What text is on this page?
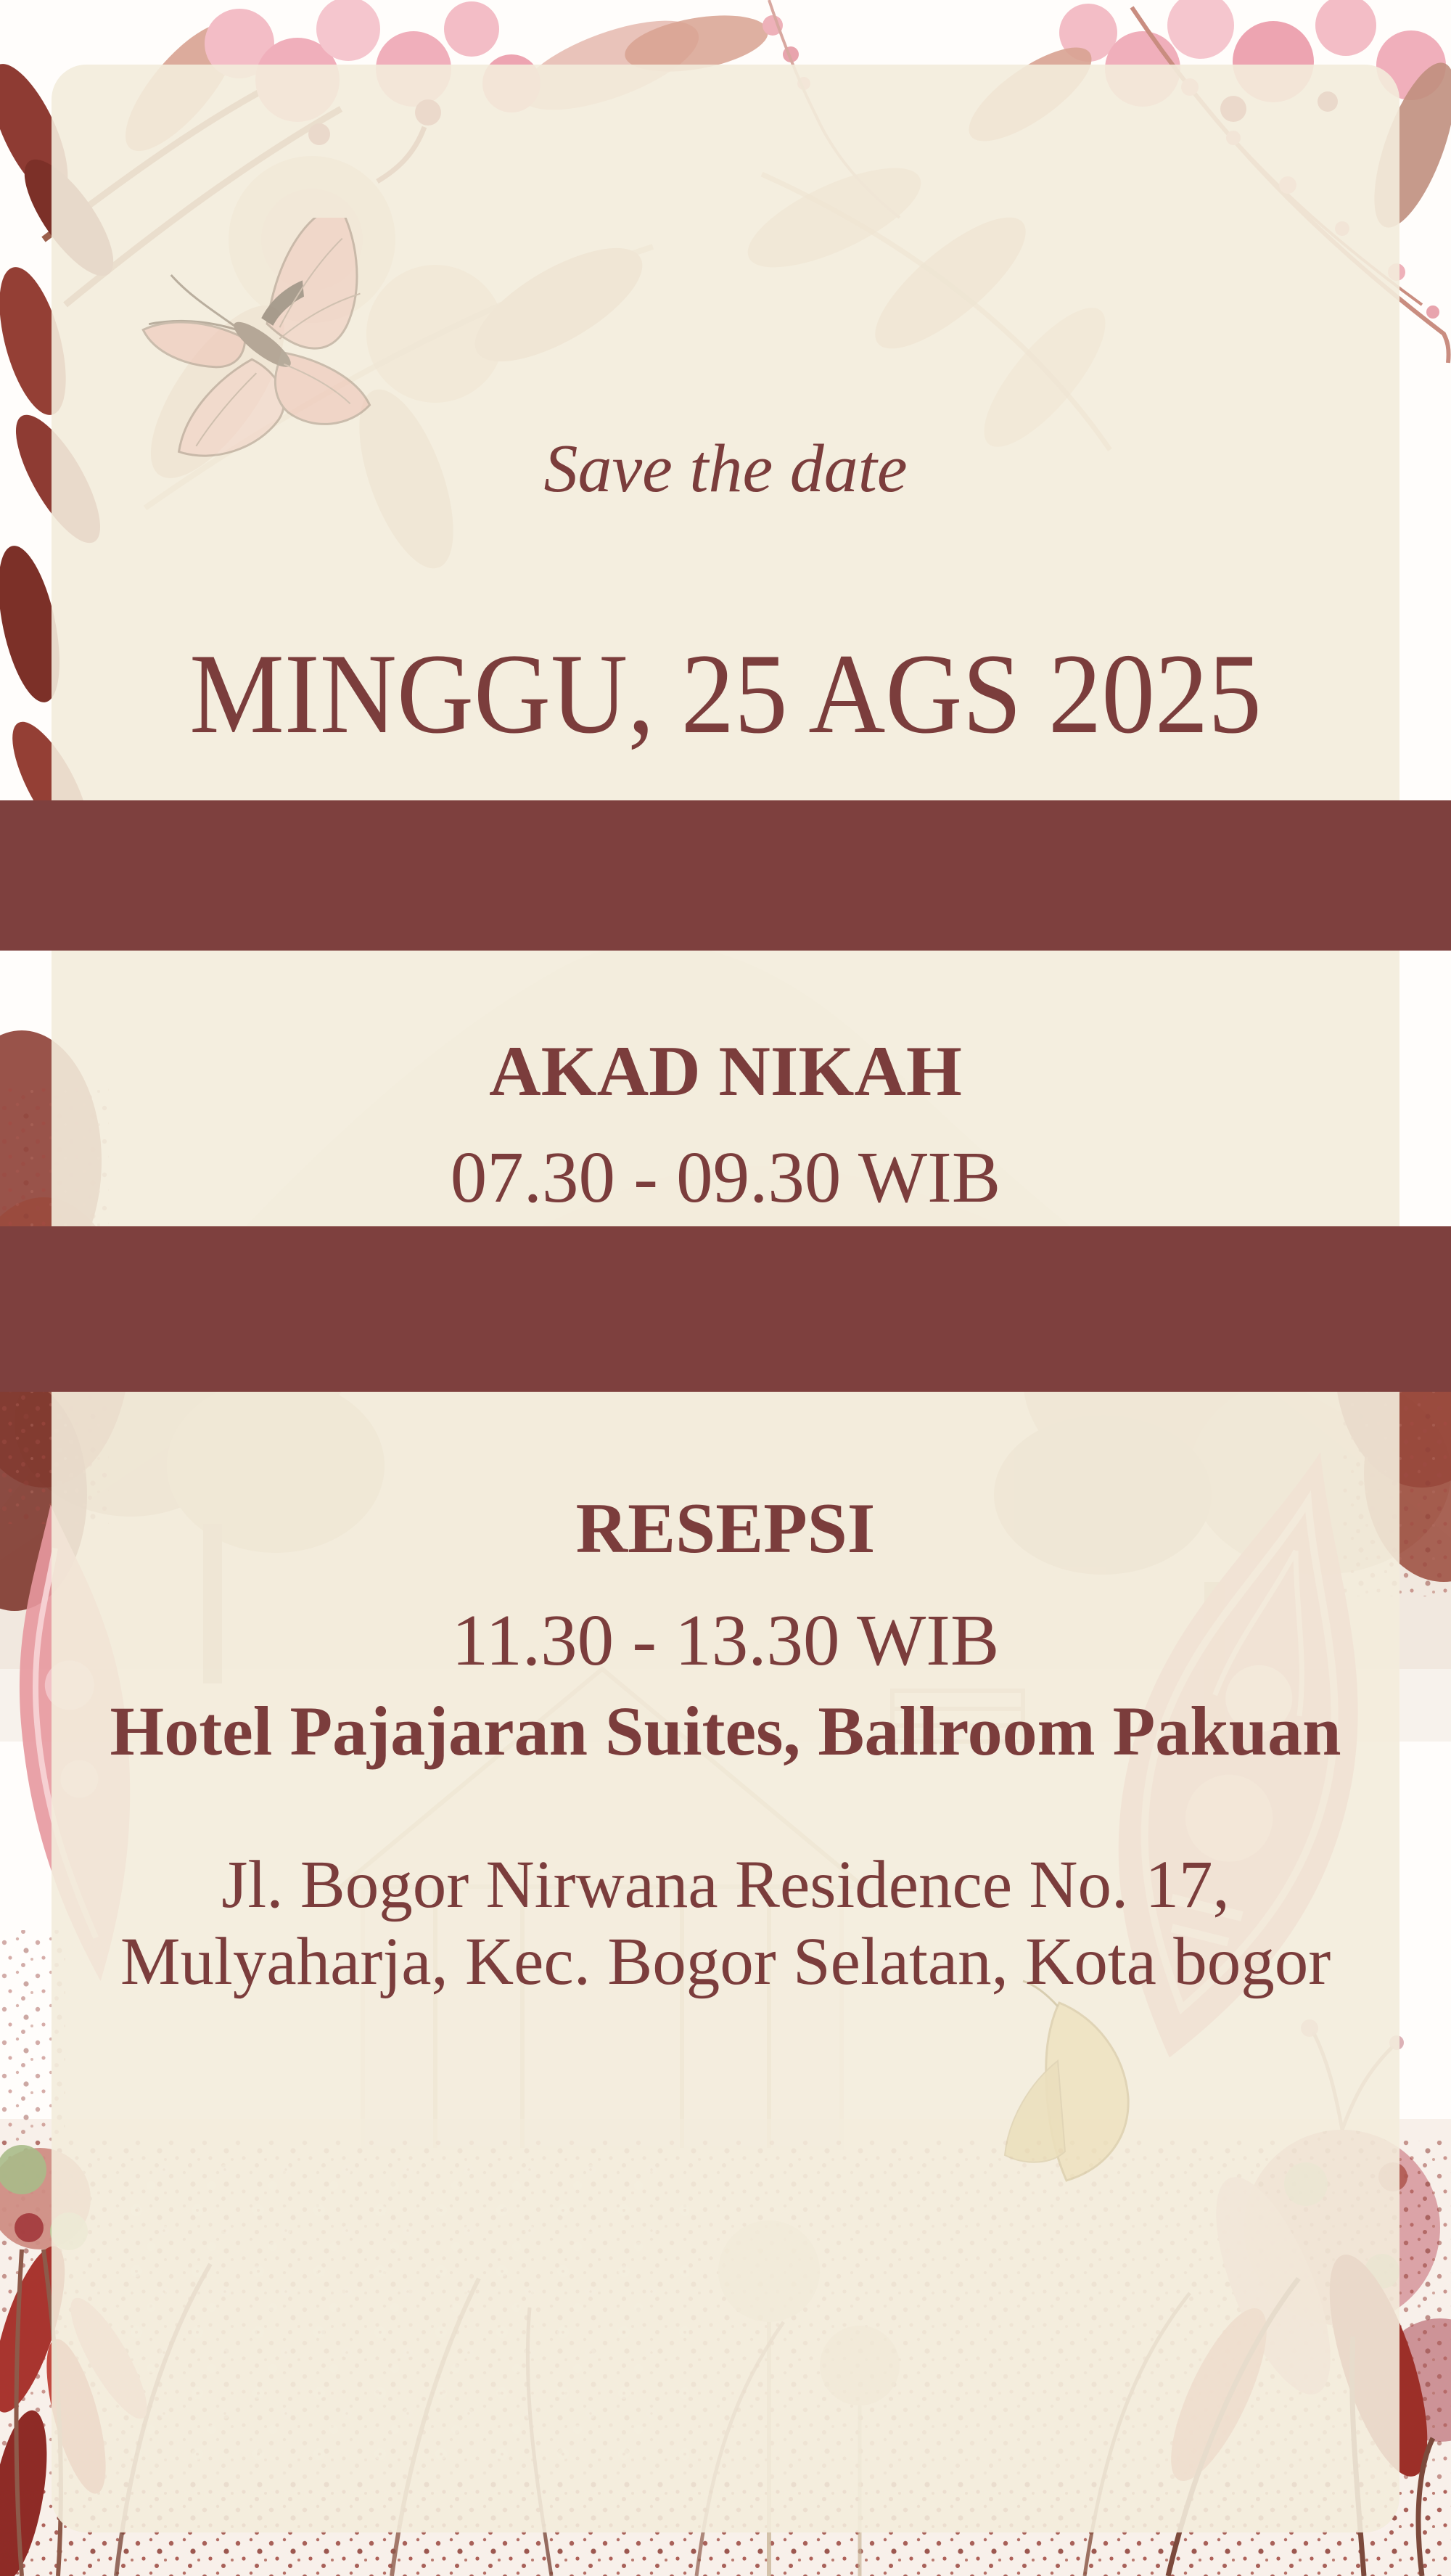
Save the date
MINGGU, 25 AGS 2025
AKAD NIKAH
07.30 - 09.30 WIB
RESEPSI
11.30 - 13.30 WIB
Hotel Pajajaran Suites, Ballroom Pakuan
Jl. Bogor Nirwana Residence No. 17,
Mulyaharja, Kec. Bogor Selatan, Kota bogor
